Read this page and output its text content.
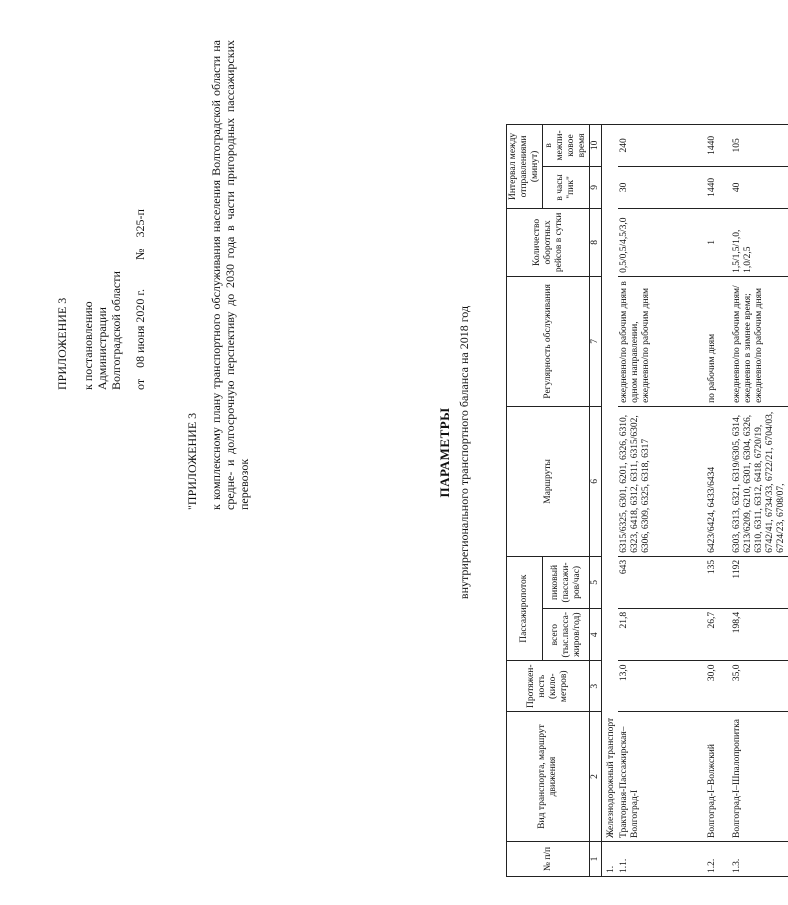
ПРИЛОЖЕНИЕ 3 к постановлению Администрации Волгоградской области от 08 июня 2020 г. № 325-п
"ПРИЛОЖЕНИЕ 3 к комплексному плану транспортного обслуживания населения Волгоградской области на средне- и долгосрочную перспективу до 2030 года в части пригородных пассажирских перевозок	ПАРАМЕТРЫ внутрирегионального транспортного баланса на 2018 год
№ п/п	Вид транспорта, маршрут движения	Протяжен- ность (кило- метров)	Пассажиропоток		Маршруты	Регулярность обслуживания	Количество оборотных рейсов в сутки	Интервал между отправлениями (минут)	
			всего (тыс.пасса- жиров/год)	пиковый (пассажи- ров/час)				в часы "пик"	в межпи- ковое время
1	2	3	4	5	6	7	8	9	10
1.	Железнодорожный транспорт								
1.1.	Тракторная-Пассажирская–Волгоград-I	13,0	21,8	643	6315/6325, 6301, 6201, 6326, 6310, 6323, 6418, 6312, 6311, 6315/6302, 6306, 6309, 6325, 6318, 6317	ежедневно/по рабочим дням в одном направлении, ежедневно/по рабочим дням	0,5/0,5/4,5/3,0	30	240
1.2.	Волгоград-I–Волжский	30,0	26,7	135	6423/6424, 6433/6434	по рабочим дням	1	1440	1440
1.3.	Волгоград-I–Шпалопропитка	35,0	198,4	1192	6303, 6313, 6321, 6319/6305, 6314, 6213/6209, 6210, 6301, 6304, 6326, 6310, 6311, 6312, 6418, 6720/19, 6742/41, 6734/33, 6722/21, 6704/03, 6724/23, 6708/07,	ежедневно/по рабочим дням/ежедневно в зимнее время; ежедневно/по рабочим дням	1,5/1,5/1,0, 1,0/2,5	40	105
